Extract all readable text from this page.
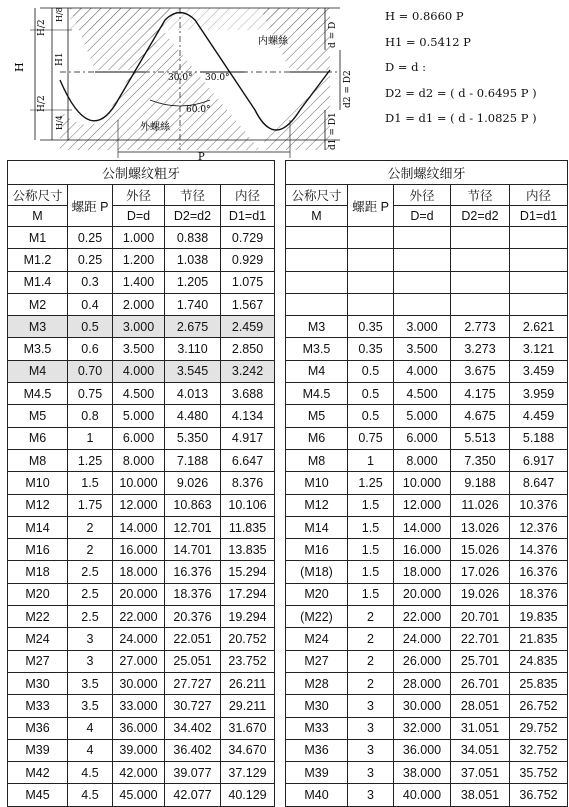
H
H/2
H/8
H1
H/2
H/4
d = D
d2 = D2
d1 = D1
内螺絲
外螺絲
30.0° 30.0°
60.0°
P
H = 0.8660 P
H1 = 0.5412 P
D = d :
D2 = d2 = ( d - 0.6495 P )
D1 = d1 = ( d - 1.0825 P )
公制螺纹粗牙				
公称尺寸	螺距 P	外径	节径	内径
M		D=d	D2=d2	D1=d1
M1	0.25	1.000	0.838	0.729
M1.2	0.25	1.200	1.038	0.929
M1.4	0.3	1.400	1.205	1.075
M2	0.4	2.000	1.740	1.567
M3	0.5	3.000	2.675	2.459
M3.5	0.6	3.500	3.110	2.850
M4	0.70	4.000	3.545	3.242
M4.5	0.75	4.500	4.013	3.688
M5	0.8	5.000	4.480	4.134
M6	1	6.000	5.350	4.917
M8	1.25	8.000	7.188	6.647
M10	1.5	10.000	9.026	8.376
M12	1.75	12.000	10.863	10.106
M14	2	14.000	12.701	11.835
M16	2	16.000	14.701	13.835
M18	2.5	18.000	16.376	15.294
M20	2.5	20.000	18.376	17.294
M22	2.5	22.000	20.376	19.294
M24	3	24.000	22.051	20.752
M27	3	27.000	25.051	23.752
M30	3.5	30.000	27.727	26.211
M33	3.5	33.000	30.727	29.211
M36	4	36.000	34.402	31.670
M39	4	39.000	36.402	34.670
M42	4.5	42.000	39.077	37.129
M45	4.5	45.000	42.077	40.129
公制螺纹细牙				
公称尺寸	螺距 P	外径	节径	内径
M		D=d	D2=d2	D1=d1

M3	0.35	3.000	2.773	2.621
M3.5	0.35	3.500	3.273	3.121
M4	0.5	4.000	3.675	3.459
M4.5	0.5	4.500	4.175	3.959
M5	0.5	5.000	4.675	4.459
M6	0.75	6.000	5.513	5.188
M8	1	8.000	7.350	6.917
M10	1.25	10.000	9.188	8.647
M12	1.5	12.000	11.026	10.376
M14	1.5	14.000	13.026	12.376
M16	1.5	16.000	15.026	14.376
(M18)	1.5	18.000	17.026	16.376
M20	1.5	20.000	19.026	18.376
(M22)	2	22.000	20.701	19.835
M24	2	24.000	22.701	21.835
M27	2	26.000	25.701	24.835
M28	2	28.000	26.701	25.835
M30	3	30.000	28.051	26.752
M33	3	32.000	31.051	29.752
M36	3	36.000	34.051	32.752
M39	3	38.000	37.051	35.752
M40	3	40.000	38.051	36.752
